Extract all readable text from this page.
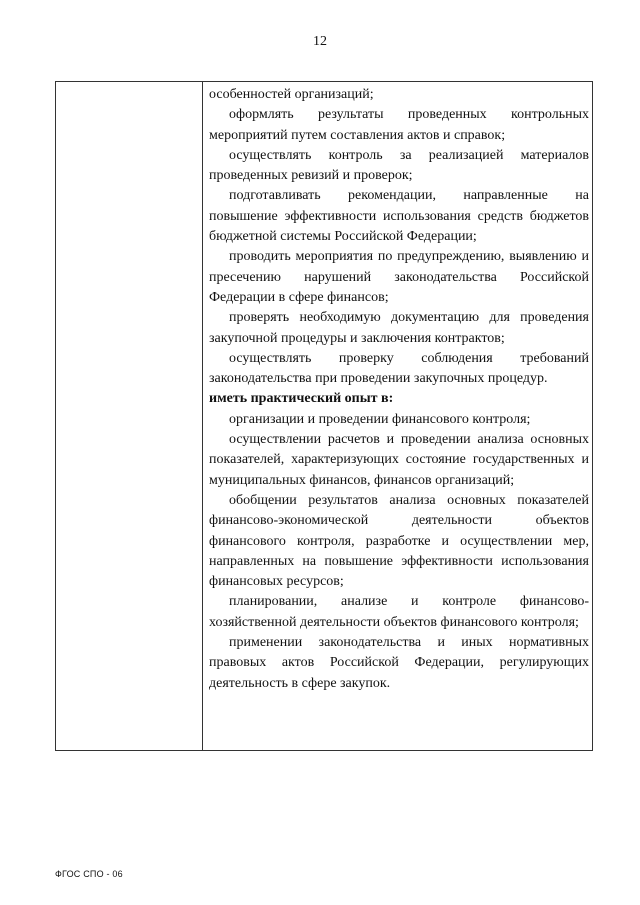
12

особенностей организаций;

оформлять результаты проведенных контрольных мероприятий путем составления актов и справок;

осуществлять контроль за реализацией материалов проведенных ревизий и проверок;

подготавливать рекомендации, направленные на повышение эффективности использования средств бюджетов бюджетной системы Российской Федерации;

проводить мероприятия по предупреждению, выявлению и пресечению нарушений законодательства Российской Федерации в сфере финансов;

проверять необходимую документацию для проведения закупочной процедуры и заключения контрактов;

осуществлять проверку соблюдения требований законодательства при проведении закупочных процедур.

иметь практический опыт в:

организации и проведении финансового контроля;

осуществлении расчетов и проведении анализа основных показателей, характеризующих состояние государственных и муниципальных финансов, финансов организаций;

обобщении результатов анализа основных показателей финансово-экономической деятельности объектов финансового контроля, разработке и осуществлении мер, направленных на повышение эффективности использования финансовых ресурсов;

планировании, анализе и контроле финансово-хозяйственной деятельности объектов финансового контроля;

применении законодательства и иных нормативных правовых актов Российской Федерации, регулирующих деятельность в сфере закупок.

ФГОС СПО - 06
